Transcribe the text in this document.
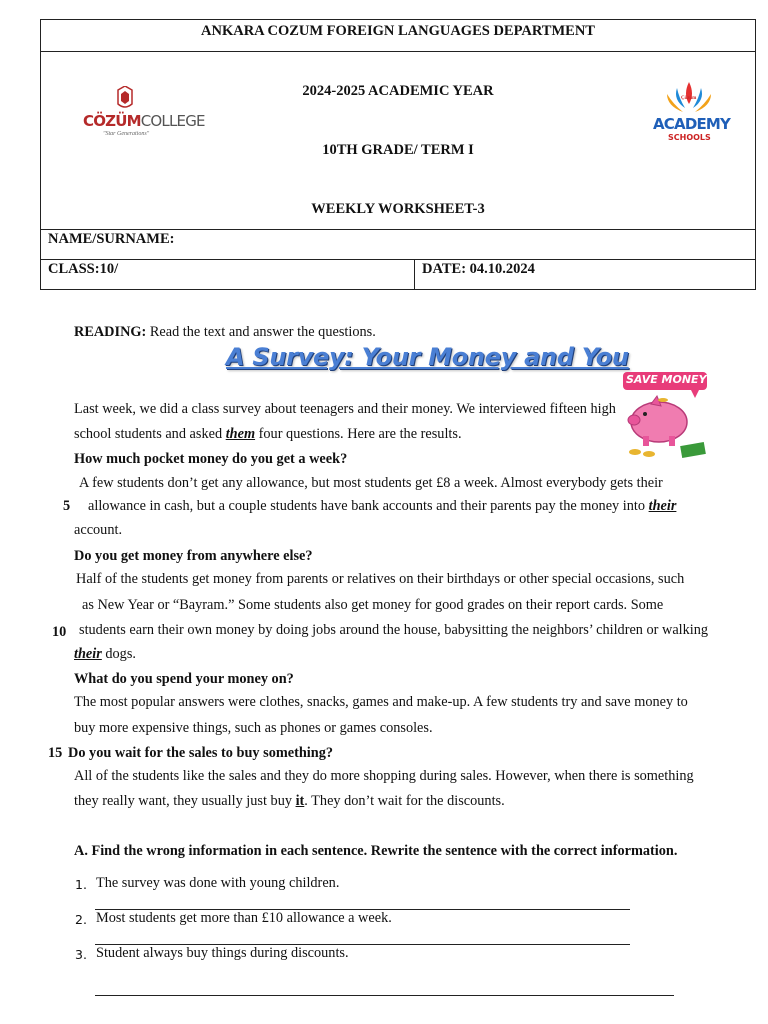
ANKARA COZUM FOREIGN LANGUAGES DEPARTMENT
CÖZÜMCOLLEGE
"Star Generations"
2024-2025 ACADEMIC YEAR
10TH GRADE/ TERM I
WEEKLY WORKSHEET-3
Çözüm
ACADEMY
SCHOOLS
NAME/SURNAME:
CLASS:10/	DATE: 04.10.2024
READING: Read the text and answer the questions.
A Survey: Your Money and You
SAVE MONEY!
Last week, we did a class survey about teenagers and their money. We interviewed fifteen high
school students and asked them four questions. Here are the results.
How much pocket money do you get a week?
A few students don’t get any allowance, but most students get £8 a week. Almost everybody gets their
5 allowance in cash, but a couple students have bank accounts and their parents pay the money into their
account.
Do you get money from anywhere else?
Half of the students get money from parents or relatives on their birthdays or other special occasions, such
as New Year or “Bayram.” Some students also get money for good grades on their report cards. Some
10 students earn their own money by doing jobs around the house, babysitting the neighbors’ children or walking
their dogs.
What do you spend your money on?
The most popular answers were clothes, snacks, games and make-up. A few students try and save money to
buy more expensive things, such as phones or games consoles.
15 Do you wait for the sales to buy something?
All of the students like the sales and they do more shopping during sales. However, when there is something
they really want, they usually just buy it. They don’t wait for the discounts.
A. Find the wrong information in each sentence. Rewrite the sentence with the correct information.
1. The survey was done with young children.
2. Most students get more than £10 allowance a week.
3. Student always buy things during discounts.
